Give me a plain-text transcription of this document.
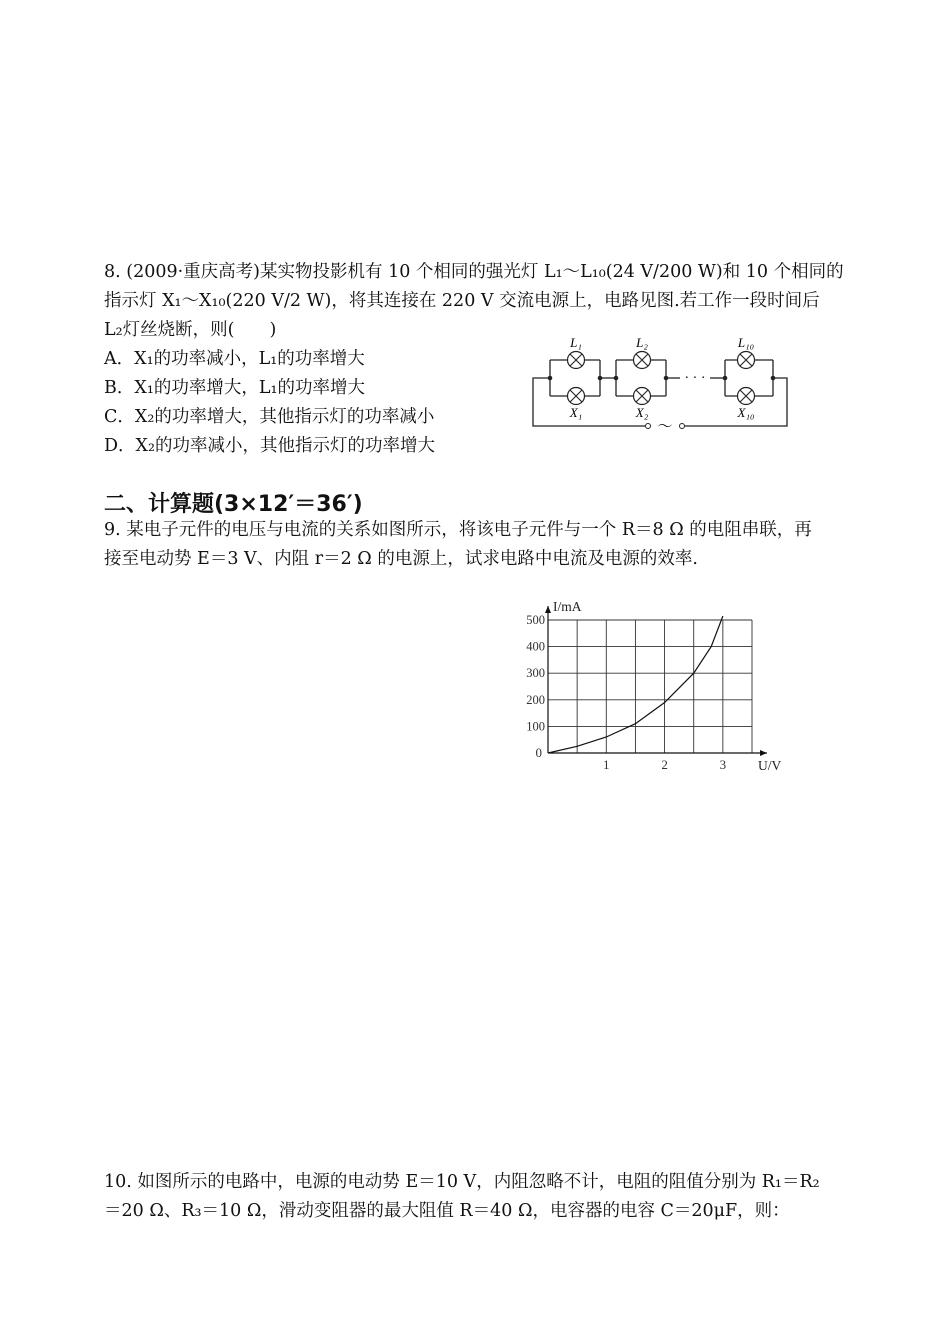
8. (2009·重庆高考)某实物投影机有 10 个相同的强光灯 L₁～L₁₀(24 V/200 W)和 10 个相同的
指示灯 X₁～X₁₀(220 V/2 W)，将其连接在 220 V 交流电源上，电路见图.若工作一段时间后
L₂灯丝烧断，则(　　)
A．X₁的功率减小，L₁的功率增大
B．X₁的功率增大，L₁的功率增大
C．X₂的功率增大，其他指示灯的功率减小
D．X₂的功率减小，其他指示灯的功率增大
· · ·
～
L₁	L₂	L₁₀
X₁	X₂	X₁₀
二、计算题(3×12′＝36′)
9. 某电子元件的电压与电流的关系如图所示，将该电子元件与一个 R＝8 Ω 的电阻串联，再
接至电动势 E＝3 V、内阻 r＝2 Ω 的电源上，试求电路中电流及电源的效率.
500
400
300
200
100
1	2	3
0
I/mA
U/V
10. 如图所示的电路中，电源的电动势 E＝10 V，内阻忽略不计，电阻的阻值分别为 R₁＝R₂
＝20 Ω、R₃＝10 Ω，滑动变阻器的最大阻值 R＝40 Ω，电容器的电容 C＝20μF，则：
